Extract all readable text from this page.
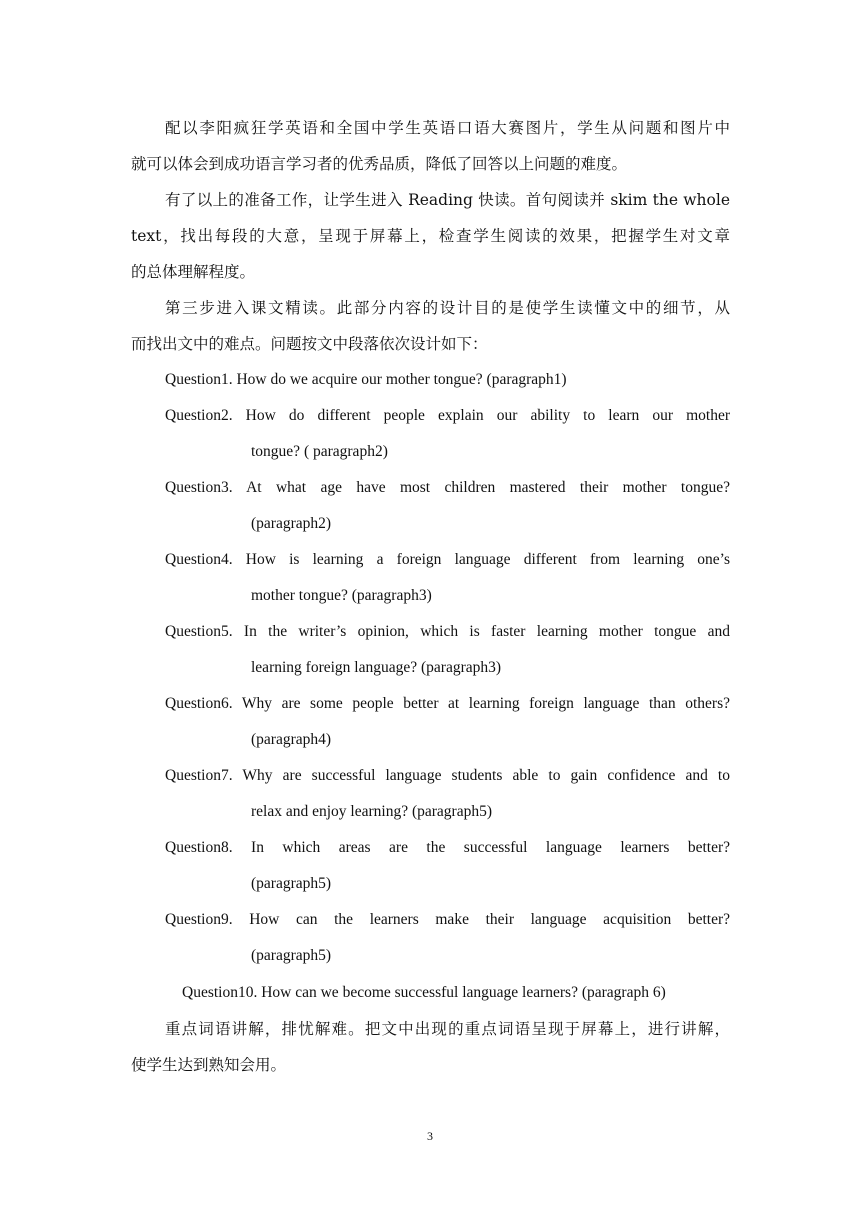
配以李阳疯狂学英语和全国中学生英语口语大赛图片，学生从问题和图片中
就可以体会到成功语言学习者的优秀品质，降低了回答以上问题的难度。
有了以上的准备工作，让学生进入 Reading 快读。首句阅读并 skim the whole
text，找出每段的大意，呈现于屏幕上，检查学生阅读的效果，把握学生对文章
的总体理解程度。
第三步进入课文精读。此部分内容的设计目的是使学生读懂文中的细节，从
而找出文中的难点。问题按文中段落依次设计如下：
Question1. How do we acquire our mother tongue? (paragraph1)
Question2. How do different people explain our ability to learn our mother
tongue? ( paragraph2)
Question3. At what age have most children mastered their mother tongue?
(paragraph2)
Question4. How is learning a foreign language different from learning one’s
mother tongue? (paragraph3)
Question5. In the writer’s opinion, which is faster learning mother tongue and
learning foreign language? (paragraph3)
Question6. Why are some people better at learning foreign language than others?
(paragraph4)
Question7. Why are successful language students able to gain confidence and to
relax and enjoy learning? (paragraph5)
Question8. In which areas are the successful language learners better?
(paragraph5)
Question9. How can the learners make their language acquisition better?
(paragraph5)
Question10. How can we become successful language learners? (paragraph 6)
重点词语讲解，排忧解难。把文中出现的重点词语呈现于屏幕上，进行讲解，
使学生达到熟知会用。
3
